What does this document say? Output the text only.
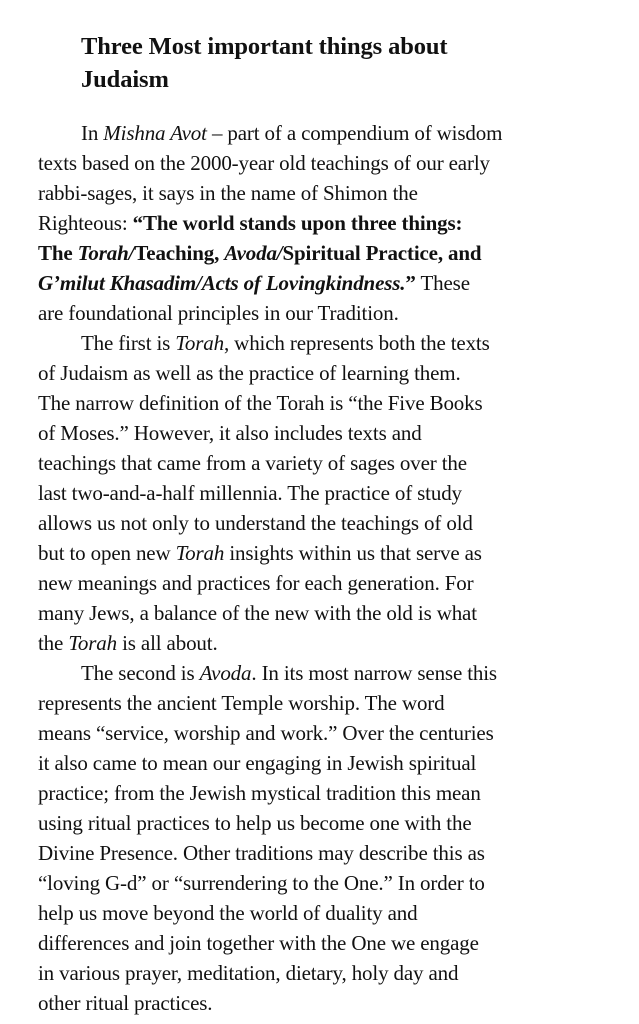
Three Most important things about
Judaism
In Mishna Avot – part of a compendium of wisdom
texts based on the 2000-year old teachings of our early
rabbi-sages, it says in the name of Shimon the
Righteous: “The world stands upon three things:
The Torah/Teaching, Avoda/Spiritual Practice, and
G’milut Khasadim/Acts of Lovingkindness.” These
are foundational principles in our Tradition.
The first is Torah, which represents both the texts
of Judaism as well as the practice of learning them.
The narrow definition of the Torah is “the Five Books
of Moses.” However, it also includes texts and
teachings that came from a variety of sages over the
last two-and-a-half millennia. The practice of study
allows us not only to understand the teachings of old
but to open new Torah insights within us that serve as
new meanings and practices for each generation. For
many Jews, a balance of the new with the old is what
the Torah is all about.
The second is Avoda. In its most narrow sense this
represents the ancient Temple worship. The word
means “service, worship and work.” Over the centuries
it also came to mean our engaging in Jewish spiritual
practice; from the Jewish mystical tradition this mean
using ritual practices to help us become one with the
Divine Presence. Other traditions may describe this as
“loving G-d” or “surrendering to the One.” In order to
help us move beyond the world of duality and
differences and join together with the One we engage
in various prayer, meditation, dietary, holy day and
other ritual practices.
